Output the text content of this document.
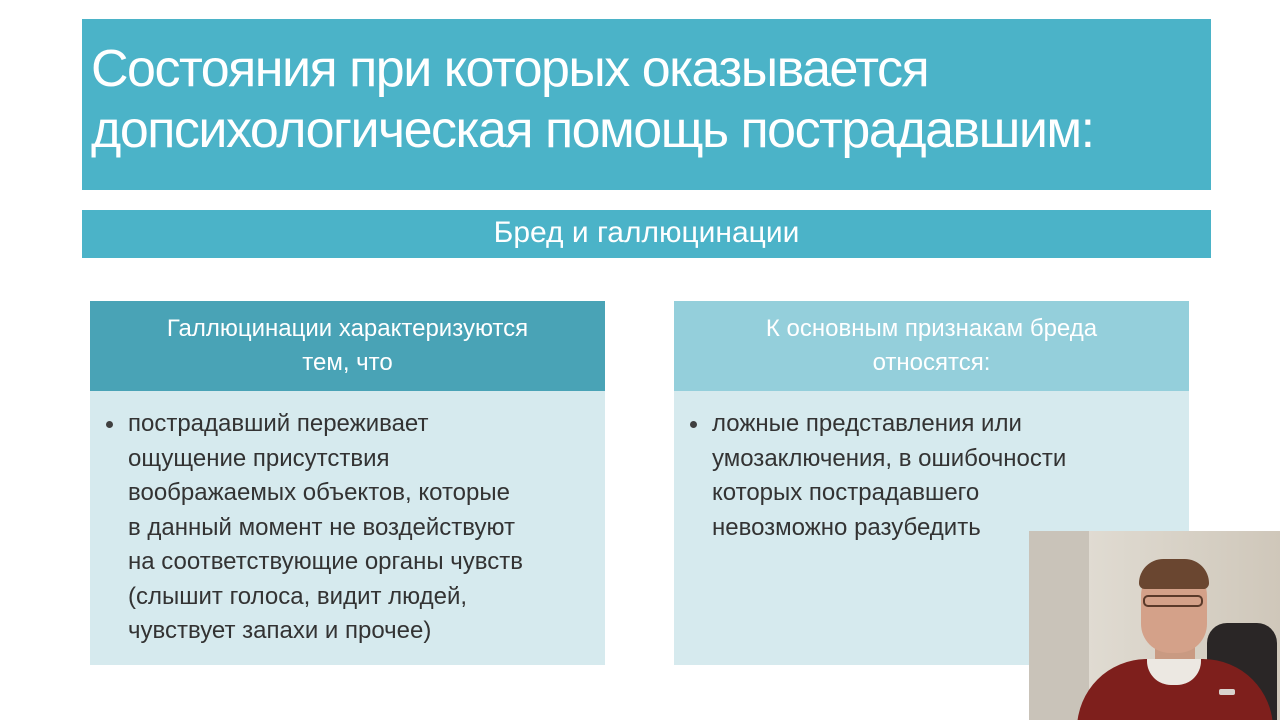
Состояния при которых оказывается
допсихологическая помощь пострадавшим:
Бред и галлюцинации
Галлюцинации характеризуются
тем, что

пострадавший переживает
ощущение присутствия
воображаемых объектов, которые
в данный момент не воздействуют
на соответствующие органы чувств
(слышит голоса, видит людей,
чувствует запахи и прочее)

К основным признакам бреда
относятся:

ложные представления или
умозаключения, в ошибочности
которых пострадавшего
невозможно разубедить
